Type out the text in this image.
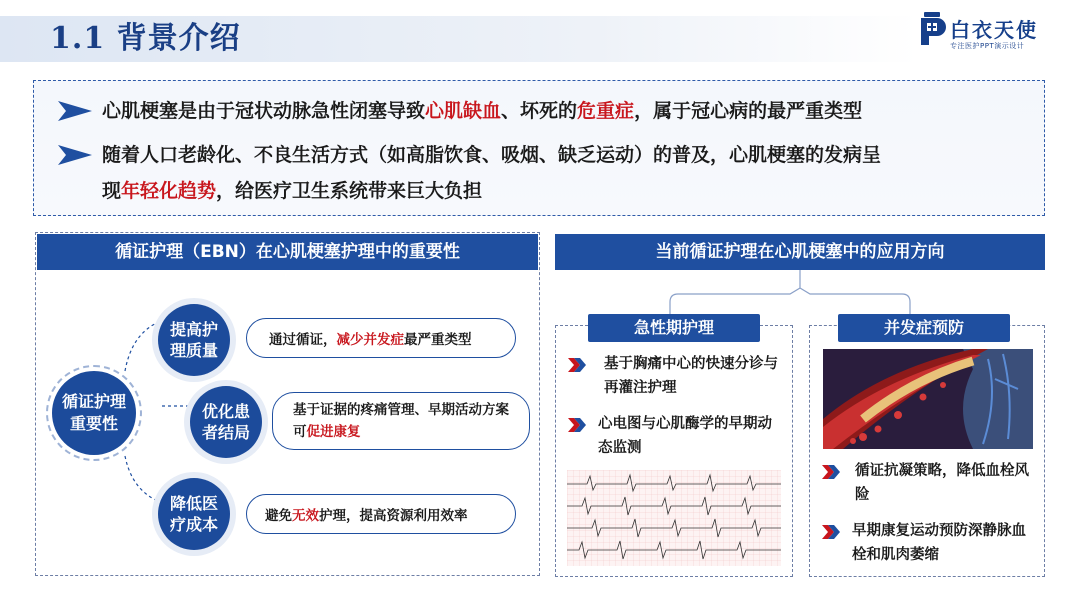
1.1 背景介绍	白衣天使
专注医护PPT演示设计
心肌梗塞是由于冠状动脉急性闭塞导致心肌缺血、坏死的危重症，属于冠心病的最严重类型
随着人口老龄化、不良生活方式（如高脂饮食、吸烟、缺乏运动）的普及，心肌梗塞的发病呈
现年轻化趋势，给医疗卫生系统带来巨大负担
循证护理（EBN）在心肌梗塞护理中的重要性
循证护理重要性
通过循证， 减少并发症 最严重类型
提高护理质量
基于证据的疼痛管理、早期活动方案可促进康复
优化患者结局
避免 无效 护理，提高资源利用效率
降低医疗成本
当前循证护理在心肌梗塞中的应用方向
急性期护理
基于胸痛中心的快速分诊与再灌注护理
心电图与心肌酶学的早期动态监测
并发症预防
循证抗凝策略，降低血栓风险
早期康复运动预防深静脉血栓和肌肉萎缩
